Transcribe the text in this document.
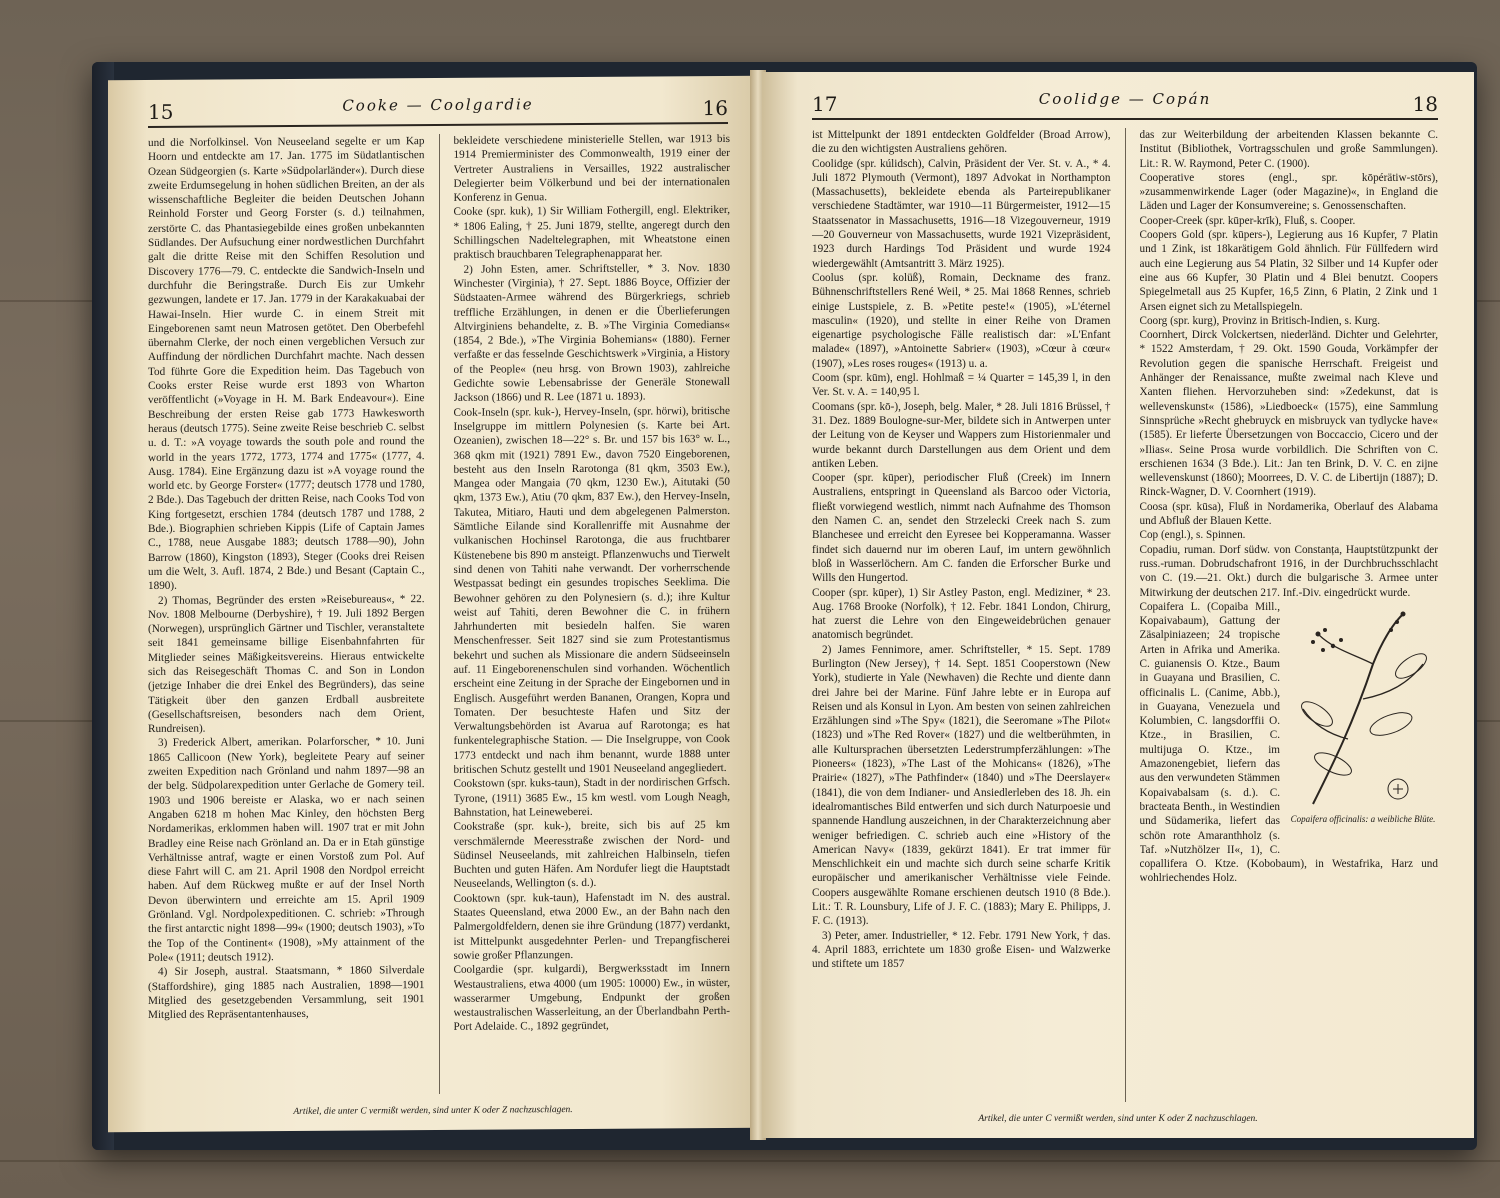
15	Cooke — Coolgardie	16

und die Norfolkinsel. Von Neuseeland segelte er um Kap Hoorn und entdeckte am 17. Jan. 1775 im Südatlantischen Ozean Südgeorgien (s. Karte »Südpolarländer«). Durch diese zweite Erdumsegelung in hohen südlichen Breiten, an der als wissenschaftliche Begleiter die beiden Deutschen Johann Reinhold Forster und Georg Forster (s. d.) teilnahmen, zerstörte C. das Phantasiegebilde eines großen unbekannten Südlandes. Der Aufsuchung einer nordwestlichen Durchfahrt galt die dritte Reise mit den Schiffen Resolution und Discovery 1776—79. C. entdeckte die Sandwich-Inseln und durchfuhr die Beringstraße. Durch Eis zur Umkehr gezwungen, landete er 17. Jan. 1779 in der Karakakuabai der Hawai-Inseln. Hier wurde C. in einem Streit mit Eingeborenen samt neun Matrosen getötet. Den Oberbefehl übernahm Clerke, der noch einen vergeblichen Versuch zur Auffindung der nördlichen Durchfahrt machte. Nach dessen Tod führte Gore die Expedition heim. Das Tagebuch von Cooks erster Reise wurde erst 1893 von Wharton veröffentlicht (»Voyage in H. M. Bark Endeavour«). Eine Beschreibung der ersten Reise gab 1773 Hawkesworth heraus (deutsch 1775). Seine zweite Reise beschrieb C. selbst u. d. T.: »A voyage towards the south pole and round the world in the years 1772, 1773, 1774 and 1775« (1777, 4. Ausg. 1784). Eine Ergänzung dazu ist »A voyage round the world etc. by George Forster« (1777; deutsch 1778 und 1780, 2 Bde.). Das Tagebuch der dritten Reise, nach Cooks Tod von King fortgesetzt, erschien 1784 (deutsch 1787 und 1788, 2 Bde.). Biographien schrieben Kippis (Life of Captain James C., 1788, neue Ausgabe 1883; deutsch 1788—90), John Barrow (1860), Kingston (1893), Steger (Cooks drei Reisen um die Welt, 3. Aufl. 1874, 2 Bde.) und Besant (Captain C., 1890).

2) Thomas, Begründer des ersten »Reisebureaus«, * 22. Nov. 1808 Melbourne (Derbyshire), † 19. Juli 1892 Bergen (Norwegen), ursprünglich Gärtner und Tischler, veranstaltete seit 1841 gemeinsame billige Eisenbahnfahrten für Mitglieder seines Mäßigkeitsvereins. Hieraus entwickelte sich das Reisegeschäft Thomas C. and Son in London (jetzige Inhaber die drei Enkel des Begründers), das seine Tätigkeit über den ganzen Erdball ausbreitete (Gesellschaftsreisen, besonders nach dem Orient, Rundreisen).

3) Frederick Albert, amerikan. Polarforscher, * 10. Juni 1865 Callicoon (New York), begleitete Peary auf seiner zweiten Expedition nach Grönland und nahm 1897—98 an der belg. Südpolarexpedition unter Gerlache de Gomery teil. 1903 und 1906 bereiste er Alaska, wo er nach seinen Angaben 6218 m hohen Mac Kinley, den höchsten Berg Nordamerikas, erklommen haben will. 1907 trat er mit John Bradley eine Reise nach Grönland an. Da er in Etah günstige Verhältnisse antraf, wagte er einen Vorstoß zum Pol. Auf diese Fahrt will C. am 21. April 1908 den Nordpol erreicht haben. Auf dem Rückweg mußte er auf der Insel North Devon überwintern und erreichte am 15. April 1909 Grönland. Vgl. Nordpolexpeditionen. C. schrieb: »Through the first antarctic night 1898—99« (1900; deutsch 1903), »To the Top of the Continent« (1908), »My attainment of the Pole« (1911; deutsch 1912).

4) Sir Joseph, austral. Staatsmann, * 1860 Silverdale (Staffordshire), ging 1885 nach Australien, 1898—1901 Mitglied des gesetzgebenden Versammlung, seit 1901 Mitglied des Repräsentantenhauses,

bekleidete verschiedene ministerielle Stellen, war 1913 bis 1914 Premierminister des Commonwealth, 1919 einer der Vertreter Australiens in Versailles, 1922 australischer Delegierter beim Völkerbund und bei der internationalen Konferenz in Genua.

Cooke (spr. kuk), 1) Sir William Fothergill, engl. Elektriker, * 1806 Ealing, † 25. Juni 1879, stellte, angeregt durch den Schillingschen Nadeltelegraphen, mit Wheatstone einen praktisch brauchbaren Telegraphenapparat her.

2) John Esten, amer. Schriftsteller, * 3. Nov. 1830 Winchester (Virginia), † 27. Sept. 1886 Boyce, Offizier der Südstaaten-Armee während des Bürgerkriegs, schrieb treffliche Erzählungen, in denen er die Überlieferungen Altvirginiens behandelte, z. B. »The Virginia Comedians« (1854, 2 Bde.), »The Virginia Bohemians« (1880). Ferner verfaßte er das fesselnde Geschichtswerk »Virginia, a History of the People« (neu hrsg. von Brown 1903), zahlreiche Gedichte sowie Lebensabrisse der Generäle Stonewall Jackson (1866) und R. Lee (1871 u. 1893).

Cook-Inseln (spr. kuk-), Hervey-Inseln, (spr. hörwi), britische Inselgruppe im mittlern Polynesien (s. Karte bei Art. Ozeanien), zwischen 18—22° s. Br. und 157 bis 163° w. L., 368 qkm mit (1921) 7891 Ew., davon 7520 Eingeborenen, besteht aus den Inseln Rarotonga (81 qkm, 3503 Ew.), Mangea oder Mangaia (70 qkm, 1230 Ew.), Aitutaki (50 qkm, 1373 Ew.), Atiu (70 qkm, 837 Ew.), den Hervey-Inseln, Takutea, Mitiaro, Hauti und dem abgelegenen Palmerston. Sämtliche Eilande sind Korallenriffe mit Ausnahme der vulkanischen Hochinsel Rarotonga, die aus fruchtbarer Küstenebene bis 890 m ansteigt. Pflanzenwuchs und Tierwelt sind denen von Tahiti nahe verwandt. Der vorherrschende Westpassat bedingt ein gesundes tropisches Seeklima. Die Bewohner gehören zu den Polynesiern (s. d.); ihre Kultur weist auf Tahiti, deren Bewohner die C. in frühern Jahrhunderten mit besiedeln halfen. Sie waren Menschenfresser. Seit 1827 sind sie zum Protestantismus bekehrt und suchen als Missionare die andern Südseeinseln auf. 11 Eingeborenenschulen sind vorhanden. Wöchentlich erscheint eine Zeitung in der Sprache der Eingebornen und in Englisch. Ausgeführt werden Bananen, Orangen, Kopra und Tomaten. Der besuchteste Hafen und Sitz der Verwaltungsbehörden ist Avarua auf Rarotonga; es hat funkentelegraphische Station. — Die Inselgruppe, von Cook 1773 entdeckt und nach ihm benannt, wurde 1888 unter britischen Schutz gestellt und 1901 Neuseeland angegliedert.

Cookstown (spr. kuks-taun), Stadt in der nordirischen Grfsch. Tyrone, (1911) 3685 Ew., 15 km westl. vom Lough Neagh, Bahnstation, hat Leineweberei.

Cookstraße (spr. kuk-), breite, sich bis auf 25 km verschmälernde Meeresstraße zwischen der Nord- und Südinsel Neuseelands, mit zahlreichen Halbinseln, tiefen Buchten und guten Häfen. Am Nordufer liegt die Hauptstadt Neuseelands, Wellington (s. d.).

Cooktown (spr. kuk-taun), Hafenstadt im N. des austral. Staates Queensland, etwa 2000 Ew., an der Bahn nach den Palmergoldfeldern, denen sie ihre Gründung (1877) verdankt, ist Mittelpunkt ausgedehnter Perlen- und Trepangfischerei sowie großer Pflanzungen.

Coolgardie (spr. kulgardi), Bergwerksstadt im Innern Westaustraliens, etwa 4000 (um 1905: 10000) Ew., in wüster, wasserarmer Umgebung, Endpunkt der großen westaustralischen Wasserleitung, an der Überlandbahn Perth-Port Adelaide. C., 1892 gegründet,

Artikel, die unter C vermißt werden, sind unter K oder Z nachzuschlagen.
17	Coolidge — Copán	18

ist Mittelpunkt der 1891 entdeckten Goldfelder (Broad Arrow), die zu den wichtigsten Australiens gehören.

Coolidge (spr. kúlidsch), Calvin, Präsident der Ver. St. v. A., * 4. Juli 1872 Plymouth (Vermont), 1897 Advokat in Northampton (Massachusetts), bekleidete ebenda als Parteirepublikaner verschiedene Stadtämter, war 1910—11 Bürgermeister, 1912—15 Staatssenator in Massachusetts, 1916—18 Vizegouverneur, 1919—20 Gouverneur von Massachusetts, wurde 1921 Vizepräsident, 1923 durch Hardings Tod Präsident und wurde 1924 wiedergewählt (Amtsantritt 3. März 1925).

Coolus (spr. kolüß), Romain, Deckname des franz. Bühnenschriftstellers René Weil, * 25. Mai 1868 Rennes, schrieb einige Lustspiele, z. B. »Petite peste!« (1905), »L'éternel masculin« (1920), und stellte in einer Reihe von Dramen eigenartige psychologische Fälle realistisch dar: »L'Enfant malade« (1897), »Antoinette Sabrier« (1903), »Cœur à cœur« (1907), »Les roses rouges« (1913) u. a.

Coom (spr. kūm), engl. Hohlmaß = ¼ Quarter = 145,39 l, in den Ver. St. v. A. = 140,95 l.

Coomans (spr. kō-), Joseph, belg. Maler, * 28. Juli 1816 Brüssel, † 31. Dez. 1889 Boulogne-sur-Mer, bildete sich in Antwerpen unter der Leitung von de Keyser und Wappers zum Historienmaler und wurde bekannt durch Darstellungen aus dem Orient und dem antiken Leben.

Cooper (spr. kūper), periodischer Fluß (Creek) im Innern Australiens, entspringt in Queensland als Barcoo oder Victoria, fließt vorwiegend westlich, nimmt nach Aufnahme des Thomson den Namen C. an, sendet den Strzelecki Creek nach S. zum Blanchesee und erreicht den Eyresee bei Kopperamanna. Wasser findet sich dauernd nur im oberen Lauf, im untern gewöhnlich bloß in Wasserlöchern. Am C. fanden die Erforscher Burke und Wills den Hungertod.

Cooper (spr. kūper), 1) Sir Astley Paston, engl. Mediziner, * 23. Aug. 1768 Brooke (Norfolk), † 12. Febr. 1841 London, Chirurg, hat zuerst die Lehre von den Eingeweidebrüchen genauer anatomisch begründet.

2) James Fennimore, amer. Schriftsteller, * 15. Sept. 1789 Burlington (New Jersey), † 14. Sept. 1851 Cooperstown (New York), studierte in Yale (Newhaven) die Rechte und diente dann drei Jahre bei der Marine. Fünf Jahre lebte er in Europa auf Reisen und als Konsul in Lyon. Am besten von seinen zahlreichen Erzählungen sind »The Spy« (1821), die Seeromane »The Pilot« (1823) und »The Red Rover« (1827) und die weltberühmten, in alle Kultursprachen übersetzten Lederstrumpferzählungen: »The Pioneers« (1823), »The Last of the Mohicans« (1826), »The Prairie« (1827), »The Pathfinder« (1840) und »The Deerslayer« (1841), die von dem Indianer- und Ansiedlerleben des 18. Jh. ein idealromantisches Bild entwerfen und sich durch Naturpoesie und spannende Handlung auszeichnen, in der Charakterzeichnung aber weniger befriedigen. C. schrieb auch eine »History of the American Navy« (1839, gekürzt 1841). Er trat immer für Menschlichkeit ein und machte sich durch seine scharfe Kritik europäischer und amerikanischer Verhältnisse viele Feinde. Coopers ausgewählte Romane erschienen deutsch 1910 (8 Bde.). Lit.: T. R. Lounsbury, Life of J. F. C. (1883); Mary E. Philipps, J. F. C. (1913).

3) Peter, amer. Industrieller, * 12. Febr. 1791 New York, † das. 4. April 1883, errichtete um 1830 große Eisen- und Walzwerke und stiftete um 1857

das zur Weiterbildung der arbeitenden Klassen bekannte C. Institut (Bibliothek, Vortragsschulen und große Sammlungen). Lit.: R. W. Raymond, Peter C. (1900).

Cooperative stores (engl., spr. kōpérätiw-stōrs), »zusammenwirkende Lager (oder Magazine)«, in England die Läden und Lager der Konsumvereine; s. Genossenschaften.

Cooper-Creek (spr. kūper-krīk), Fluß, s. Cooper.

Coopers Gold (spr. kūpers-), Legierung aus 16 Kupfer, 7 Platin und 1 Zink, ist 18karätigem Gold ähnlich. Für Füllfedern wird auch eine Legierung aus 54 Platin, 32 Silber und 14 Kupfer oder eine aus 66 Kupfer, 30 Platin und 4 Blei benutzt. Coopers Spiegelmetall aus 25 Kupfer, 16,5 Zinn, 6 Platin, 2 Zink und 1 Arsen eignet sich zu Metallspiegeln.

Coorg (spr. kurg), Provinz in Britisch-Indien, s. Kurg.

Coornhert, Dirck Volckertsen, niederländ. Dichter und Gelehrter, * 1522 Amsterdam, † 29. Okt. 1590 Gouda, Vorkämpfer der Revolution gegen die spanische Herrschaft. Freigeist und Anhänger der Renaissance, mußte zweimal nach Kleve und Xanten fliehen. Hervorzuheben sind: »Zedekunst, dat is wellevenskunst« (1586), »Liedboeck« (1575), eine Sammlung Sinnsprüche »Recht ghebruyck en misbruyck van tydlycke have« (1585). Er lieferte Übersetzungen von Boccaccio, Cicero und der »Ilias«. Seine Prosa wurde vorbildlich. Die Schriften von C. erschienen 1634 (3 Bde.). Lit.: Jan ten Brink, D. V. C. en zijne wellevenskunst (1860); Moorrees, D. V. C. de Libertijn (1887); D. Rinck-Wagner, D. V. Coornhert (1919).

Coosa (spr. kūsa), Fluß in Nordamerika, Oberlauf des Alabama und Abfluß der Blauen Kette.

Cop (engl.), s. Spinnen.

Copadiu, ruman. Dorf südw. von Constanța, Hauptstützpunkt der russ.-ruman. Dobrudschafront 1916, in der Durchbruchsschlacht von C. (19.—21. Okt.) durch die bulgarische 3. Armee unter Mitwirkung der deutschen 217. Inf.-Div. eingedrückt wurde.

Copaifera officinalis: a weibliche Blüte.

Copaifera L. (Copaiba Mill., Kopaivabaum), Gattung der Zäsalpiniazeen; 24 tropische Arten in Afrika und Amerika. C. guianensis O. Ktze., Baum in Guayana und Brasilien, C. officinalis L. (Canime, Abb.), in Guayana, Venezuela und Kolumbien, C. langsdorffii O. Ktze., in Brasilien, C. multijuga O. Ktze., im Amazonengebiet, liefern das aus den verwundeten Stämmen Kopaivabalsam (s. d.). C. bracteata Benth., in Westindien und Südamerika, liefert das schön rote Amaranthholz (s. Taf. »Nutzhölzer II«, 1), C. copallifera O. Ktze. (Kobobaum), in Westafrika, Harz und wohlriechendes Holz.

Artikel, die unter C vermißt werden, sind unter K oder Z nachzuschlagen.
